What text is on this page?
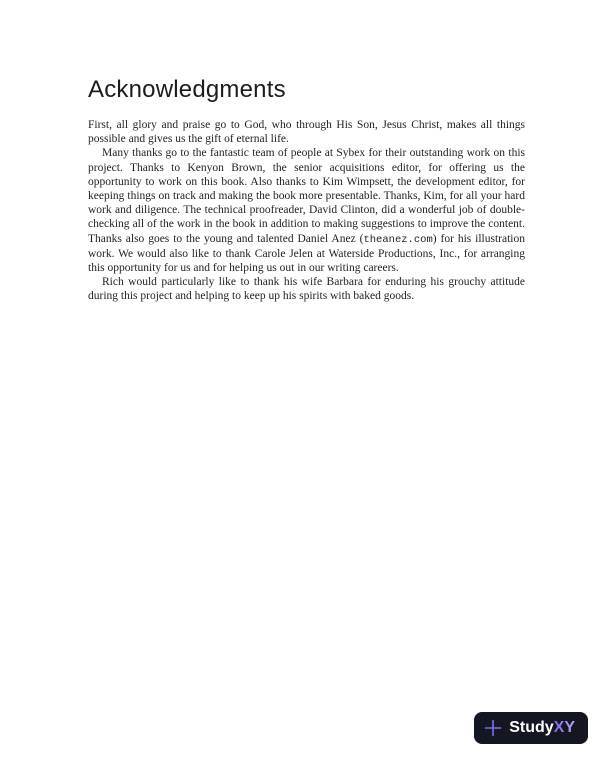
Acknowledgments

First, all glory and praise go to God, who through His Son, Jesus Christ, makes all things possible and gives us the gift of eternal life.

Many thanks go to the fantastic team of people at Sybex for their outstanding work on this project. Thanks to Kenyon Brown, the senior acquisitions editor, for offering us the opportunity to work on this book. Also thanks to Kim Wimpsett, the development editor, for keeping things on track and making the book more presentable. Thanks, Kim, for all your hard work and diligence. The technical proofreader, David Clinton, did a wonderful job of double-checking all of the work in the book in addition to making suggestions to improve the content. Thanks also goes to the young and talented Daniel Anez (theanez.com) for his illustration work. We would also like to thank Carole Jelen at Waterside Productions, Inc., for arranging this opportunity for us and for helping us out in our writing careers.

Rich would particularly like to thank his wife Barbara for enduring his grouchy attitude during this project and helping to keep up his spirits with baked goods.

StudyXY
